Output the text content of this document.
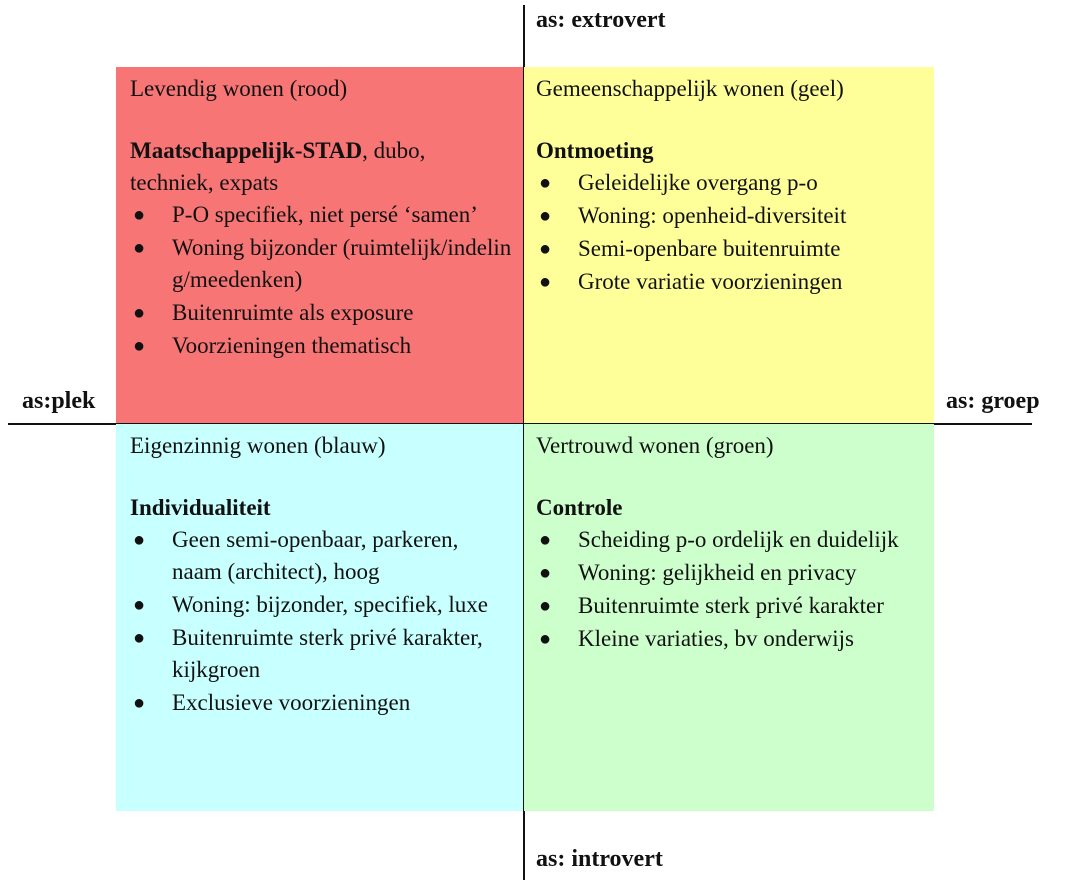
as: extrovert
as: introvert
as:plek	as: groep

Levendig wonen (rood)

Maatschappelijk-STAD, dubo, techniek, expats

● P-O specifiek, niet persé ‘samen’
● Woning bijzonder (ruimtelijk/indeling/meedenken)
● Buitenruimte als exposure
● Voorzieningen thematisch

Gemeenschappelijk wonen (geel)

Ontmoeting

● Geleidelijke overgang p-o
● Woning: openheid-diversiteit
● Semi-openbare buitenruimte
● Grote variatie voorzieningen

Eigenzinnig wonen (blauw)

Individualiteit

● Geen semi-openbaar, parkeren, naam (architect), hoog
● Woning: bijzonder, specifiek, luxe
● Buitenruimte sterk privé karakter, kijkgroen
● Exclusieve voorzieningen

Vertrouwd wonen (groen)

Controle

● Scheiding p-o ordelijk en duidelijk
● Woning: gelijkheid en privacy
● Buitenruimte sterk privé karakter
● Kleine variaties, bv onderwijs
